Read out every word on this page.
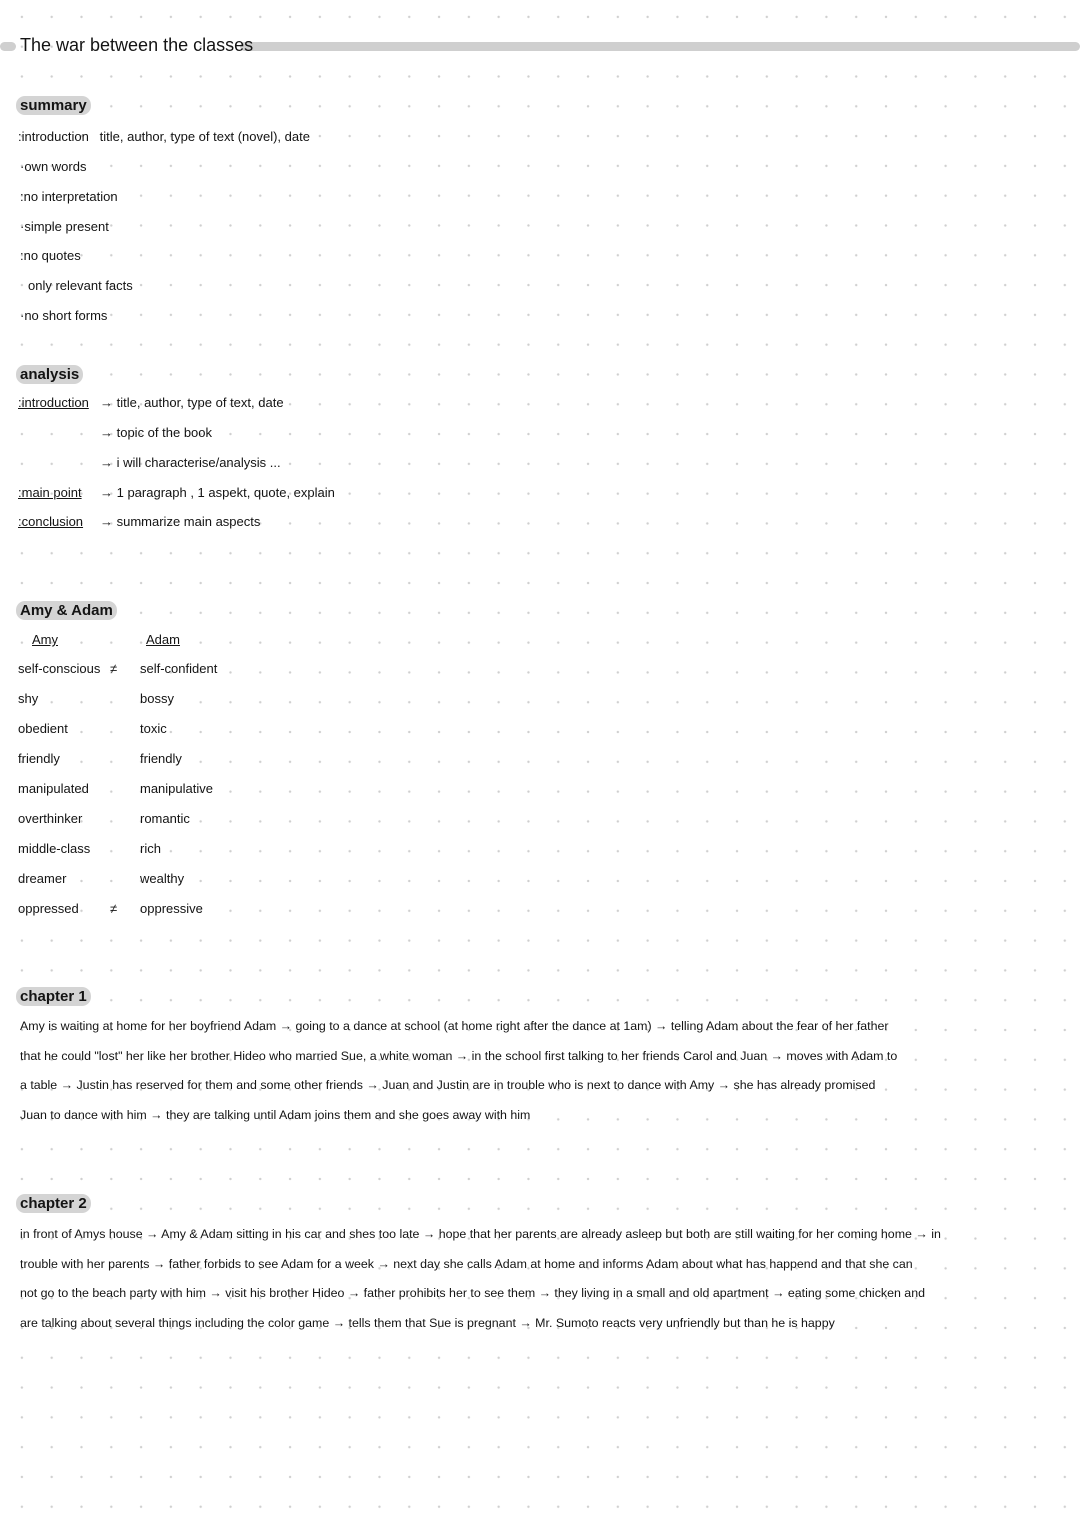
The war between the classes
summary
:introduction title, author, type of text (novel), date
·own words
:no interpretation
·simple present
:no quotes
only relevant facts
·no short forms
analysis
:introduction → title, author, type of text, date
→ topic of the book
→ i will characterise/analysis ...
:main point → 1 paragraph , 1 aspekt, quote, explain
:conclusion → summarize main aspects
Amy & Adam
Amy	Adam
self-conscious ≠ self-confident
shy	bossy
obedient	toxic
friendly	friendly
manipulated	manipulative
overthinker	romantic
middle-class	rich
dreamer	wealthy
oppressed ≠ oppressive
chapter 1
Amy is waiting at home for her boyfriend Adam → going to a dance at school (at home right after the dance at 1am) → telling Adam about the fear of her father
that he could "lost" her like her brother Hideo who married Sue, a white woman → in the school first talking to her friends Carol and Juan → moves with Adam to
a table → Justin has reserved for them and some other friends → Juan and Justin are in trouble who is next to dance with Amy → she has already promised
Juan to dance with him → they are talking until Adam joins them and she goes away with him
chapter 2
in front of Amys house → Amy & Adam sitting in his car and shes too late → hope that her parents are already asleep but both are still waiting for her coming home → in
trouble with her parents → father forbids to see Adam for a week → next day she calls Adam at home and informs Adam about what has happend and that she can
not go to the beach party with him → visit his brother Hideo → father prohibits her to see them → they living in a small and old apartment → eating some chicken and
are talking about several things including the color game → tells them that Sue is pregnant → Mr. Sumoto reacts very unfriendly but than he is happy
